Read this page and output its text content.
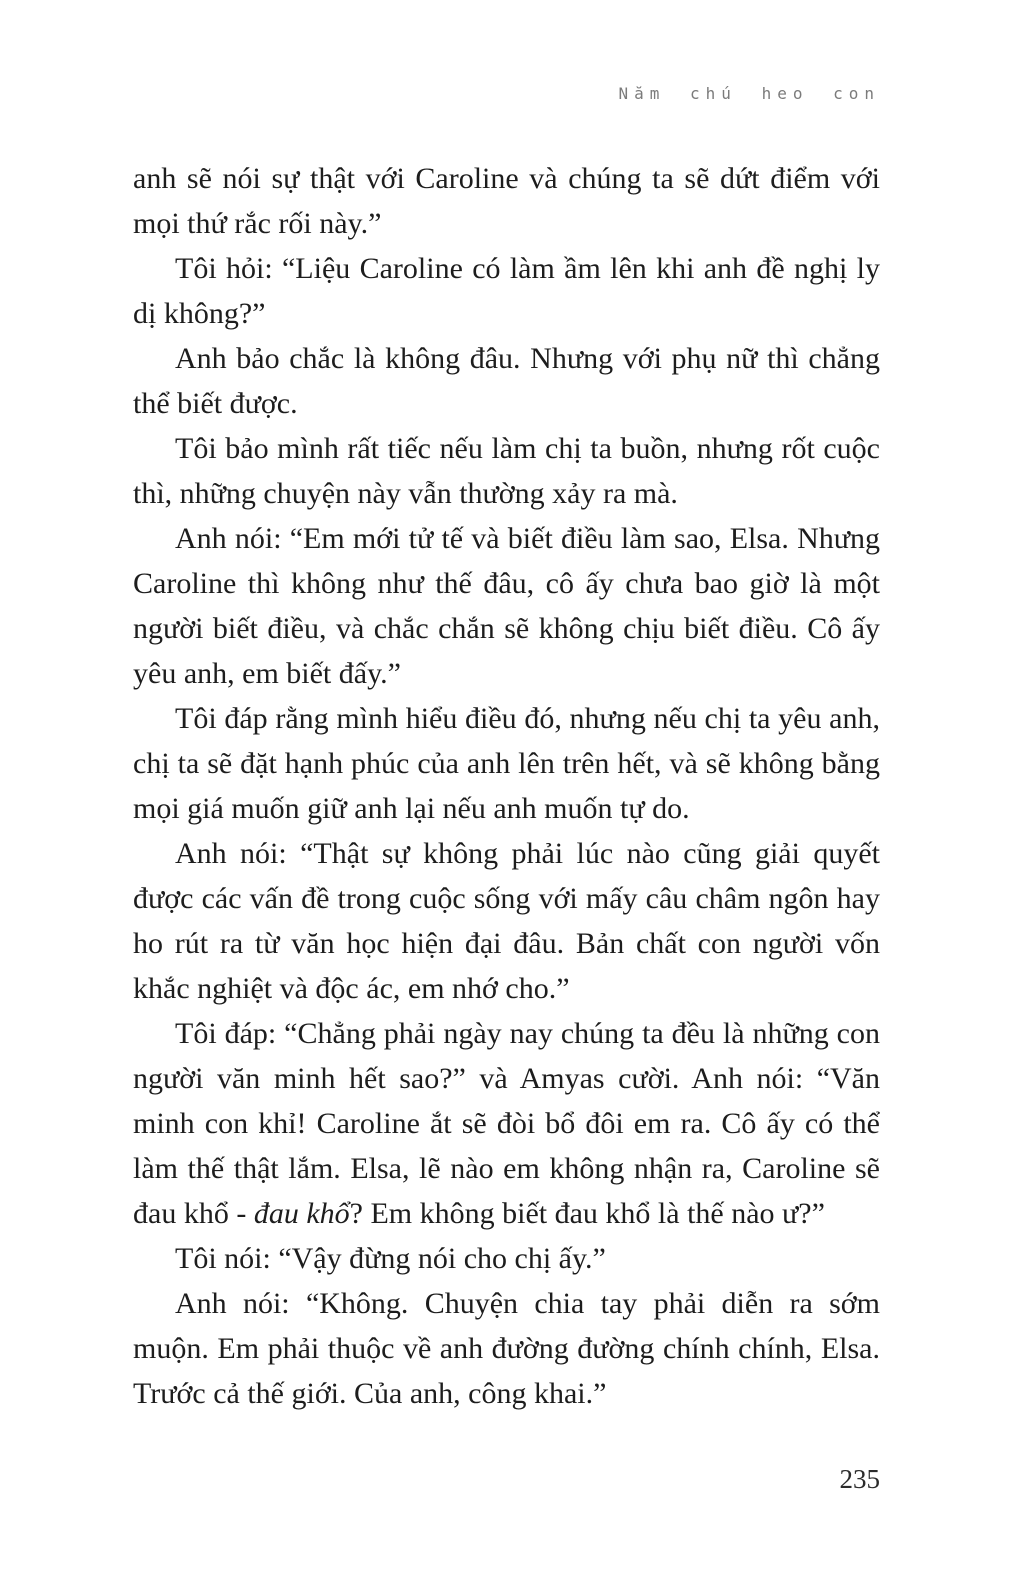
Năm chú heo con

anh sẽ nói sự thật với Caroline và chúng ta sẽ dứt điểm với mọi thứ rắc rối này.”

Tôi hỏi: “Liệu Caroline có làm ầm lên khi anh đề nghị ly dị không?”

Anh bảo chắc là không đâu. Nhưng với phụ nữ thì chẳng thể biết được.

Tôi bảo mình rất tiếc nếu làm chị ta buồn, nhưng rốt cuộc thì, những chuyện này vẫn thường xảy ra mà.

Anh nói: “Em mới tử tế và biết điều làm sao, Elsa. Nhưng Caroline thì không như thế đâu, cô ấy chưa bao giờ là một người biết điều, và chắc chắn sẽ không chịu biết điều. Cô ấy yêu anh, em biết đấy.”

Tôi đáp rằng mình hiểu điều đó, nhưng nếu chị ta yêu anh, chị ta sẽ đặt hạnh phúc của anh lên trên hết, và sẽ không bằng mọi giá muốn giữ anh lại nếu anh muốn tự do.

Anh nói: “Thật sự không phải lúc nào cũng giải quyết được các vấn đề trong cuộc sống với mấy câu châm ngôn hay ho rút ra từ văn học hiện đại đâu. Bản chất con người vốn khắc nghiệt và độc ác, em nhớ cho.”

Tôi đáp: “Chẳng phải ngày nay chúng ta đều là những con người văn minh hết sao?” và Amyas cười. Anh nói: “Văn minh con khỉ! Caroline ắt sẽ đòi bổ đôi em ra. Cô ấy có thể làm thế thật lắm. Elsa, lẽ nào em không nhận ra, Caroline sẽ đau khổ - đau khổ? Em không biết đau khổ là thế nào ư?”

Tôi nói: “Vậy đừng nói cho chị ấy.”

Anh nói: “Không. Chuyện chia tay phải diễn ra sớm muộn. Em phải thuộc về anh đường đường chính chính, Elsa. Trước cả thế giới. Của anh, công khai.”

235
